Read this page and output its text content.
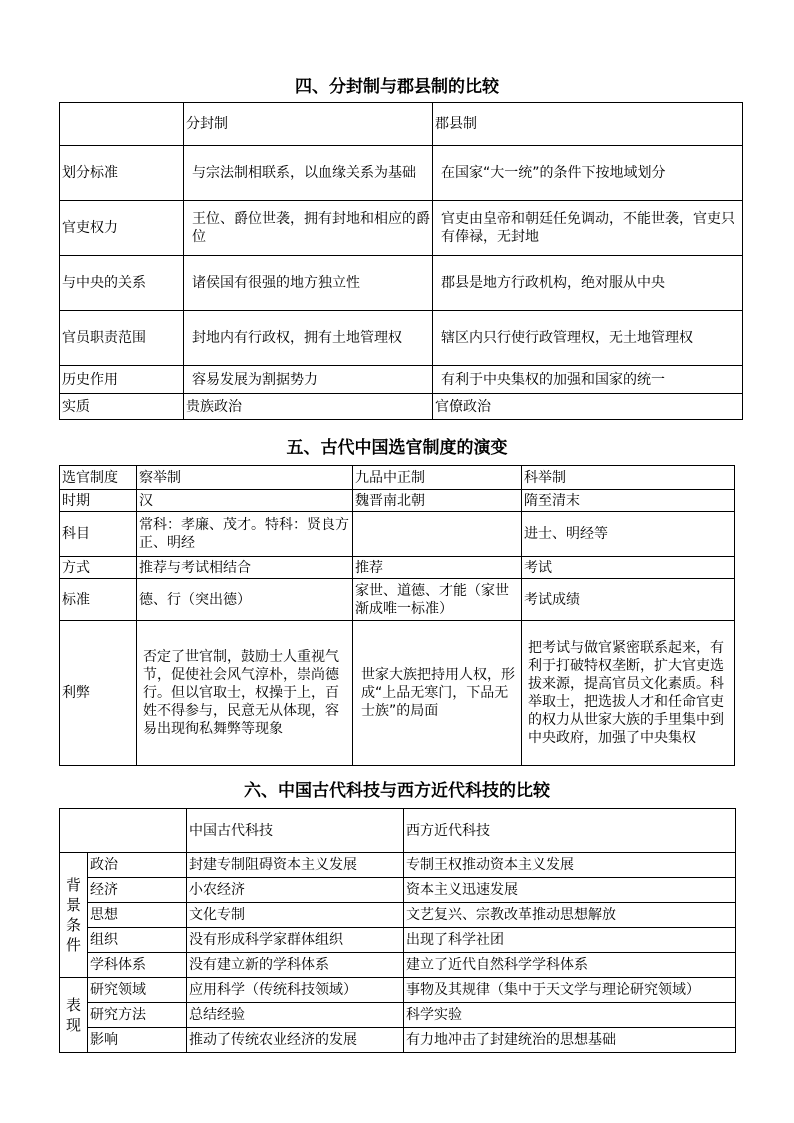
四、分封制与郡县制的比较
	分封制	郡县制
划分标准	与宗法制相联系，以血缘关系为基础	在国家“大一统”的条件下按地域划分
官吏权力	王位、爵位世袭，拥有封地和相应的爵位	官吏由皇帝和朝廷任免调动，不能世袭，官吏只有俸禄，无封地
与中央的关系	诸侯国有很强的地方独立性	郡县是地方行政机构，绝对服从中央
官员职责范围	封地内有行政权，拥有土地管理权	辖区内只行使行政管理权，无土地管理权
历史作用	容易发展为割据势力	有利于中央集权的加强和国家的统一
实质	贵族政治	官僚政治
五、古代中国选官制度的演变
选官制度	察举制	九品中正制	科举制
时期	汉	魏晋南北朝	隋至清末
科目	常科：孝廉、茂才。特科：贤良方正、明经		进士、明经等
方式	推荐与考试相结合	推荐	考试
标准	德、行（突出德）	家世、道德、才能（家世渐成唯一标准）	考试成绩
利弊	否定了世官制，鼓励士人重视气节，促使社会风气淳朴，崇尚德行。但以官取士，权操于上，百姓不得参与，民意无从体现，容易出现徇私舞弊等现象	世家大族把持用人权，形成“上品无寒门，下品无士族”的局面	把考试与做官紧密联系起来，有利于打破特权垄断，扩大官吏选拔来源，提高官员文化素质。科举取士，把选拔人才和任命官吏的权力从世家大族的手里集中到中央政府，加强了中央集权
六、中国古代科技与西方近代科技的比较
		中国古代科技	西方近代科技
背景条件	政治	封建专制阻碍资本主义发展	专制王权推动资本主义发展
	经济	小农经济	资本主义迅速发展
	思想	文化专制	文艺复兴、宗教改革推动思想解放
	组织	没有形成科学家群体组织	出现了科学社团
	学科体系	没有建立新的学科体系	建立了近代自然科学学科体系
表现	研究领域	应用科学（传统科技领域）	事物及其规律（集中于天文学与理论研究领域）
	研究方法	总结经验	科学实验
	影响	推动了传统农业经济的发展	有力地冲击了封建统治的思想基础
